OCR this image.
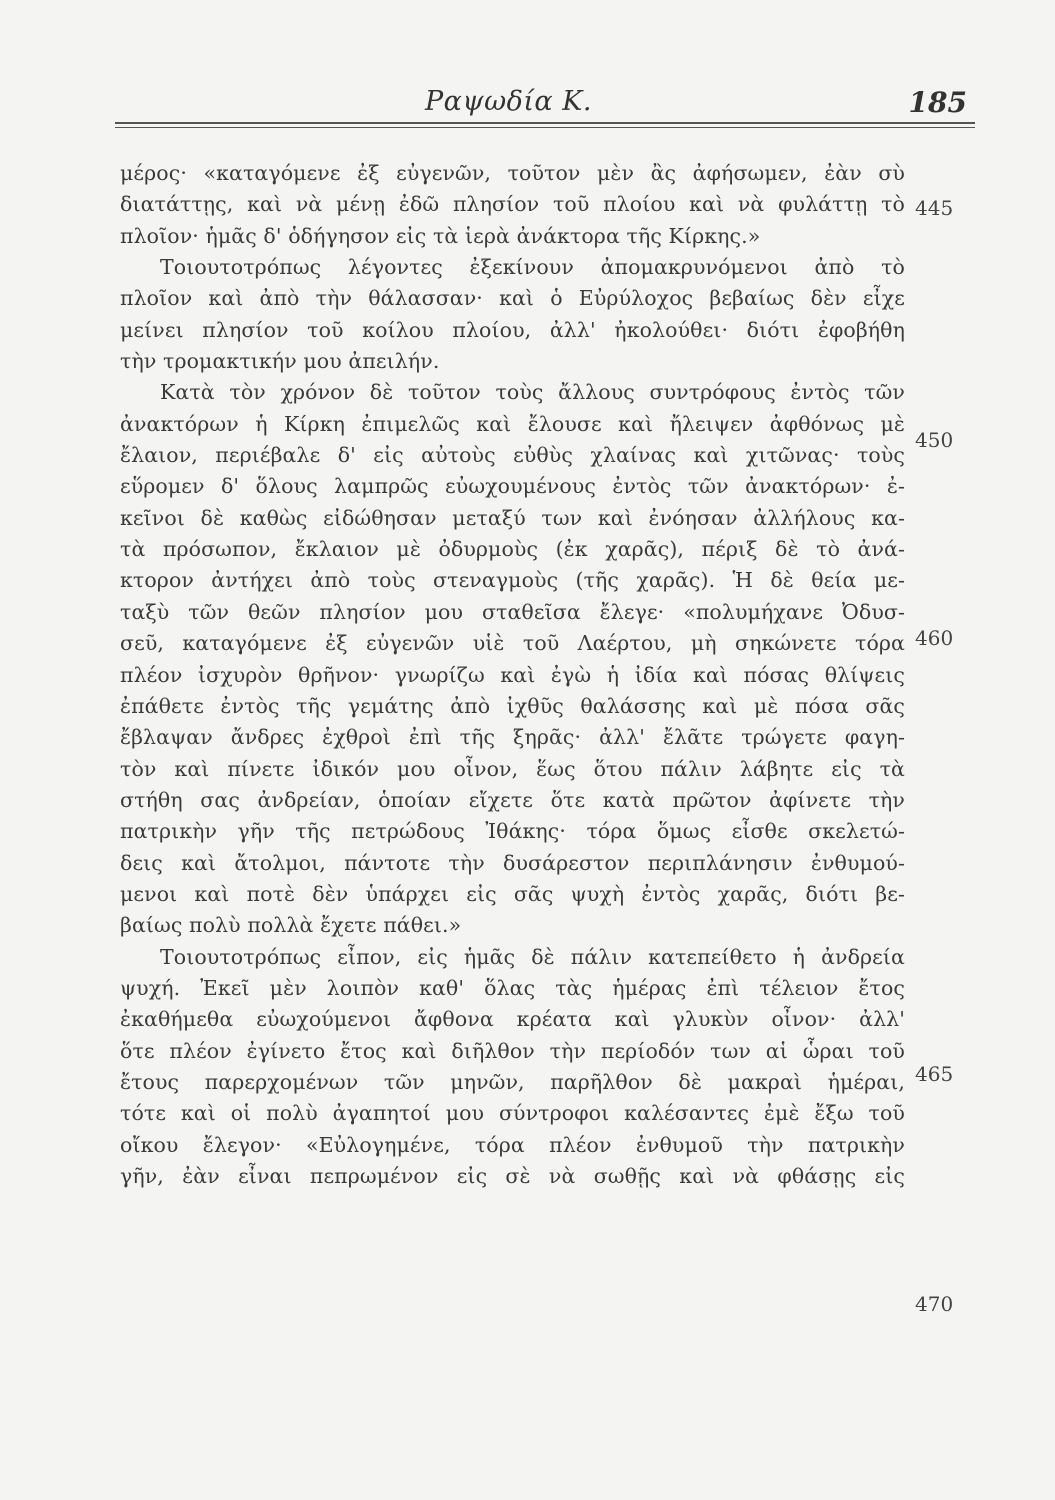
Ραψωδία Κ.	185
μέρος· «καταγόμενε ἐξ εὐγενῶν, τοῦτον μὲν ἂς ἀφήσωμεν, ἐὰν σὺ
διατάττῃς, καὶ νὰ μένῃ ἐδῶ πλησίον τοῦ πλοίου καὶ νὰ φυλάττῃ τὸ
πλοῖον· ἡμᾶς δ' ὁδήγησον εἰς τὰ ἱερὰ ἀνάκτορα τῆς Κίρκης.»
Τοιουτοτρόπως λέγοντες ἐξεκίνουν ἀπομακρυνόμενοι ἀπὸ τὸ
πλοῖον καὶ ἀπὸ τὴν θάλασσαν· καὶ ὁ Εὐρύλοχος βεβαίως δὲν εἶχε
μείνει πλησίον τοῦ κοίλου πλοίου, ἀλλ' ἠκολούθει· διότι ἐφοβήθη
τὴν τρομακτικήν μου ἀπειλήν.
Κατὰ τὸν χρόνον δὲ τοῦτον τοὺς ἄλλους συντρόφους ἐντὸς τῶν
ἀνακτόρων ἡ Κίρκη ἐπιμελῶς καὶ ἔλουσε καὶ ἤλειψεν ἀφθόνως μὲ
ἔλαιον, περιέβαλε δ' εἰς αὐτοὺς εὐθὺς χλαίνας καὶ χιτῶνας· τοὺς
εὕρομεν δ' ὅλους λαμπρῶς εὐωχουμένους ἐντὸς τῶν ἀνακτόρων· ἐ-
κεῖνοι δὲ καθὼς εἰδώθησαν μεταξύ των καὶ ἐνόησαν ἀλλήλους κα-
τὰ πρόσωπον, ἔκλαιον μὲ ὀδυρμοὺς (ἐκ χαρᾶς), πέριξ δὲ τὸ ἀνά-
κτορον ἀντήχει ἀπὸ τοὺς στεναγμοὺς (τῆς χαρᾶς). Ἡ δὲ θεία με-
ταξὺ τῶν θεῶν πλησίον μου σταθεῖσα ἔλεγε· «πολυμήχανε Ὀδυσ-
σεῦ, καταγόμενε ἐξ εὐγενῶν υἱὲ τοῦ Λαέρτου, μὴ σηκώνετε τόρα
πλέον ἰσχυρὸν θρῆνον· γνωρίζω καὶ ἐγὼ ἡ ἰδία καὶ πόσας θλίψεις
ἐπάθετε ἐντὸς τῆς γεμάτης ἀπὸ ἰχθῦς θαλάσσης καὶ μὲ πόσα σᾶς
ἔβλαψαν ἄνδρες ἐχθροὶ ἐπὶ τῆς ξηρᾶς· ἀλλ' ἔλᾶτε τρώγετε φαγη-
τὸν καὶ πίνετε ἰδικόν μου οἶνον, ἕως ὅτου πάλιν λάβητε εἰς τὰ
στήθη σας ἀνδρείαν, ὁποίαν εἴχετε ὅτε κατὰ πρῶτον ἀφίνετε τὴν
πατρικὴν γῆν τῆς πετρώδους Ἰθάκης· τόρα ὅμως εἶσθε σκελετώ-
δεις καὶ ἄτολμοι, πάντοτε τὴν δυσάρεστον περιπλάνησιν ἐνθυμού-
μενοι καὶ ποτὲ δὲν ὑπάρχει εἰς σᾶς ψυχὴ ἐντὸς χαρᾶς, διότι βε-
βαίως πολὺ πολλὰ ἔχετε πάθει.»
Τοιουτοτρόπως εἶπον, εἰς ἡμᾶς δὲ πάλιν κατεπείθετο ἡ ἀνδρεία
ψυχή. Ἐκεῖ μὲν λοιπὸν καθ' ὅλας τὰς ἡμέρας ἐπὶ τέλειον ἔτος
ἐκαθήμεθα εὐωχούμενοι ἄφθονα κρέατα καὶ γλυκὺν οἶνον· ἀλλ'
ὅτε πλέον ἐγίνετο ἔτος καὶ διῆλθον τὴν περίοδόν των αἱ ὧραι τοῦ
ἔτους παρερχομένων τῶν μηνῶν, παρῆλθον δὲ μακραὶ ἡμέραι,
τότε καὶ οἱ πολὺ ἀγαπητοί μου σύντροφοι καλέσαντες ἐμὲ ἔξω τοῦ
οἴκου ἔλεγον· «Εὐλογημένε, τόρα πλέον ἐνθυμοῦ τὴν πατρικὴν
γῆν, ἐὰν εἶναι πεπρωμένον εἰς σὲ νὰ σωθῇς καὶ νὰ φθάσῃς εἰς
445
450
460
465
470
